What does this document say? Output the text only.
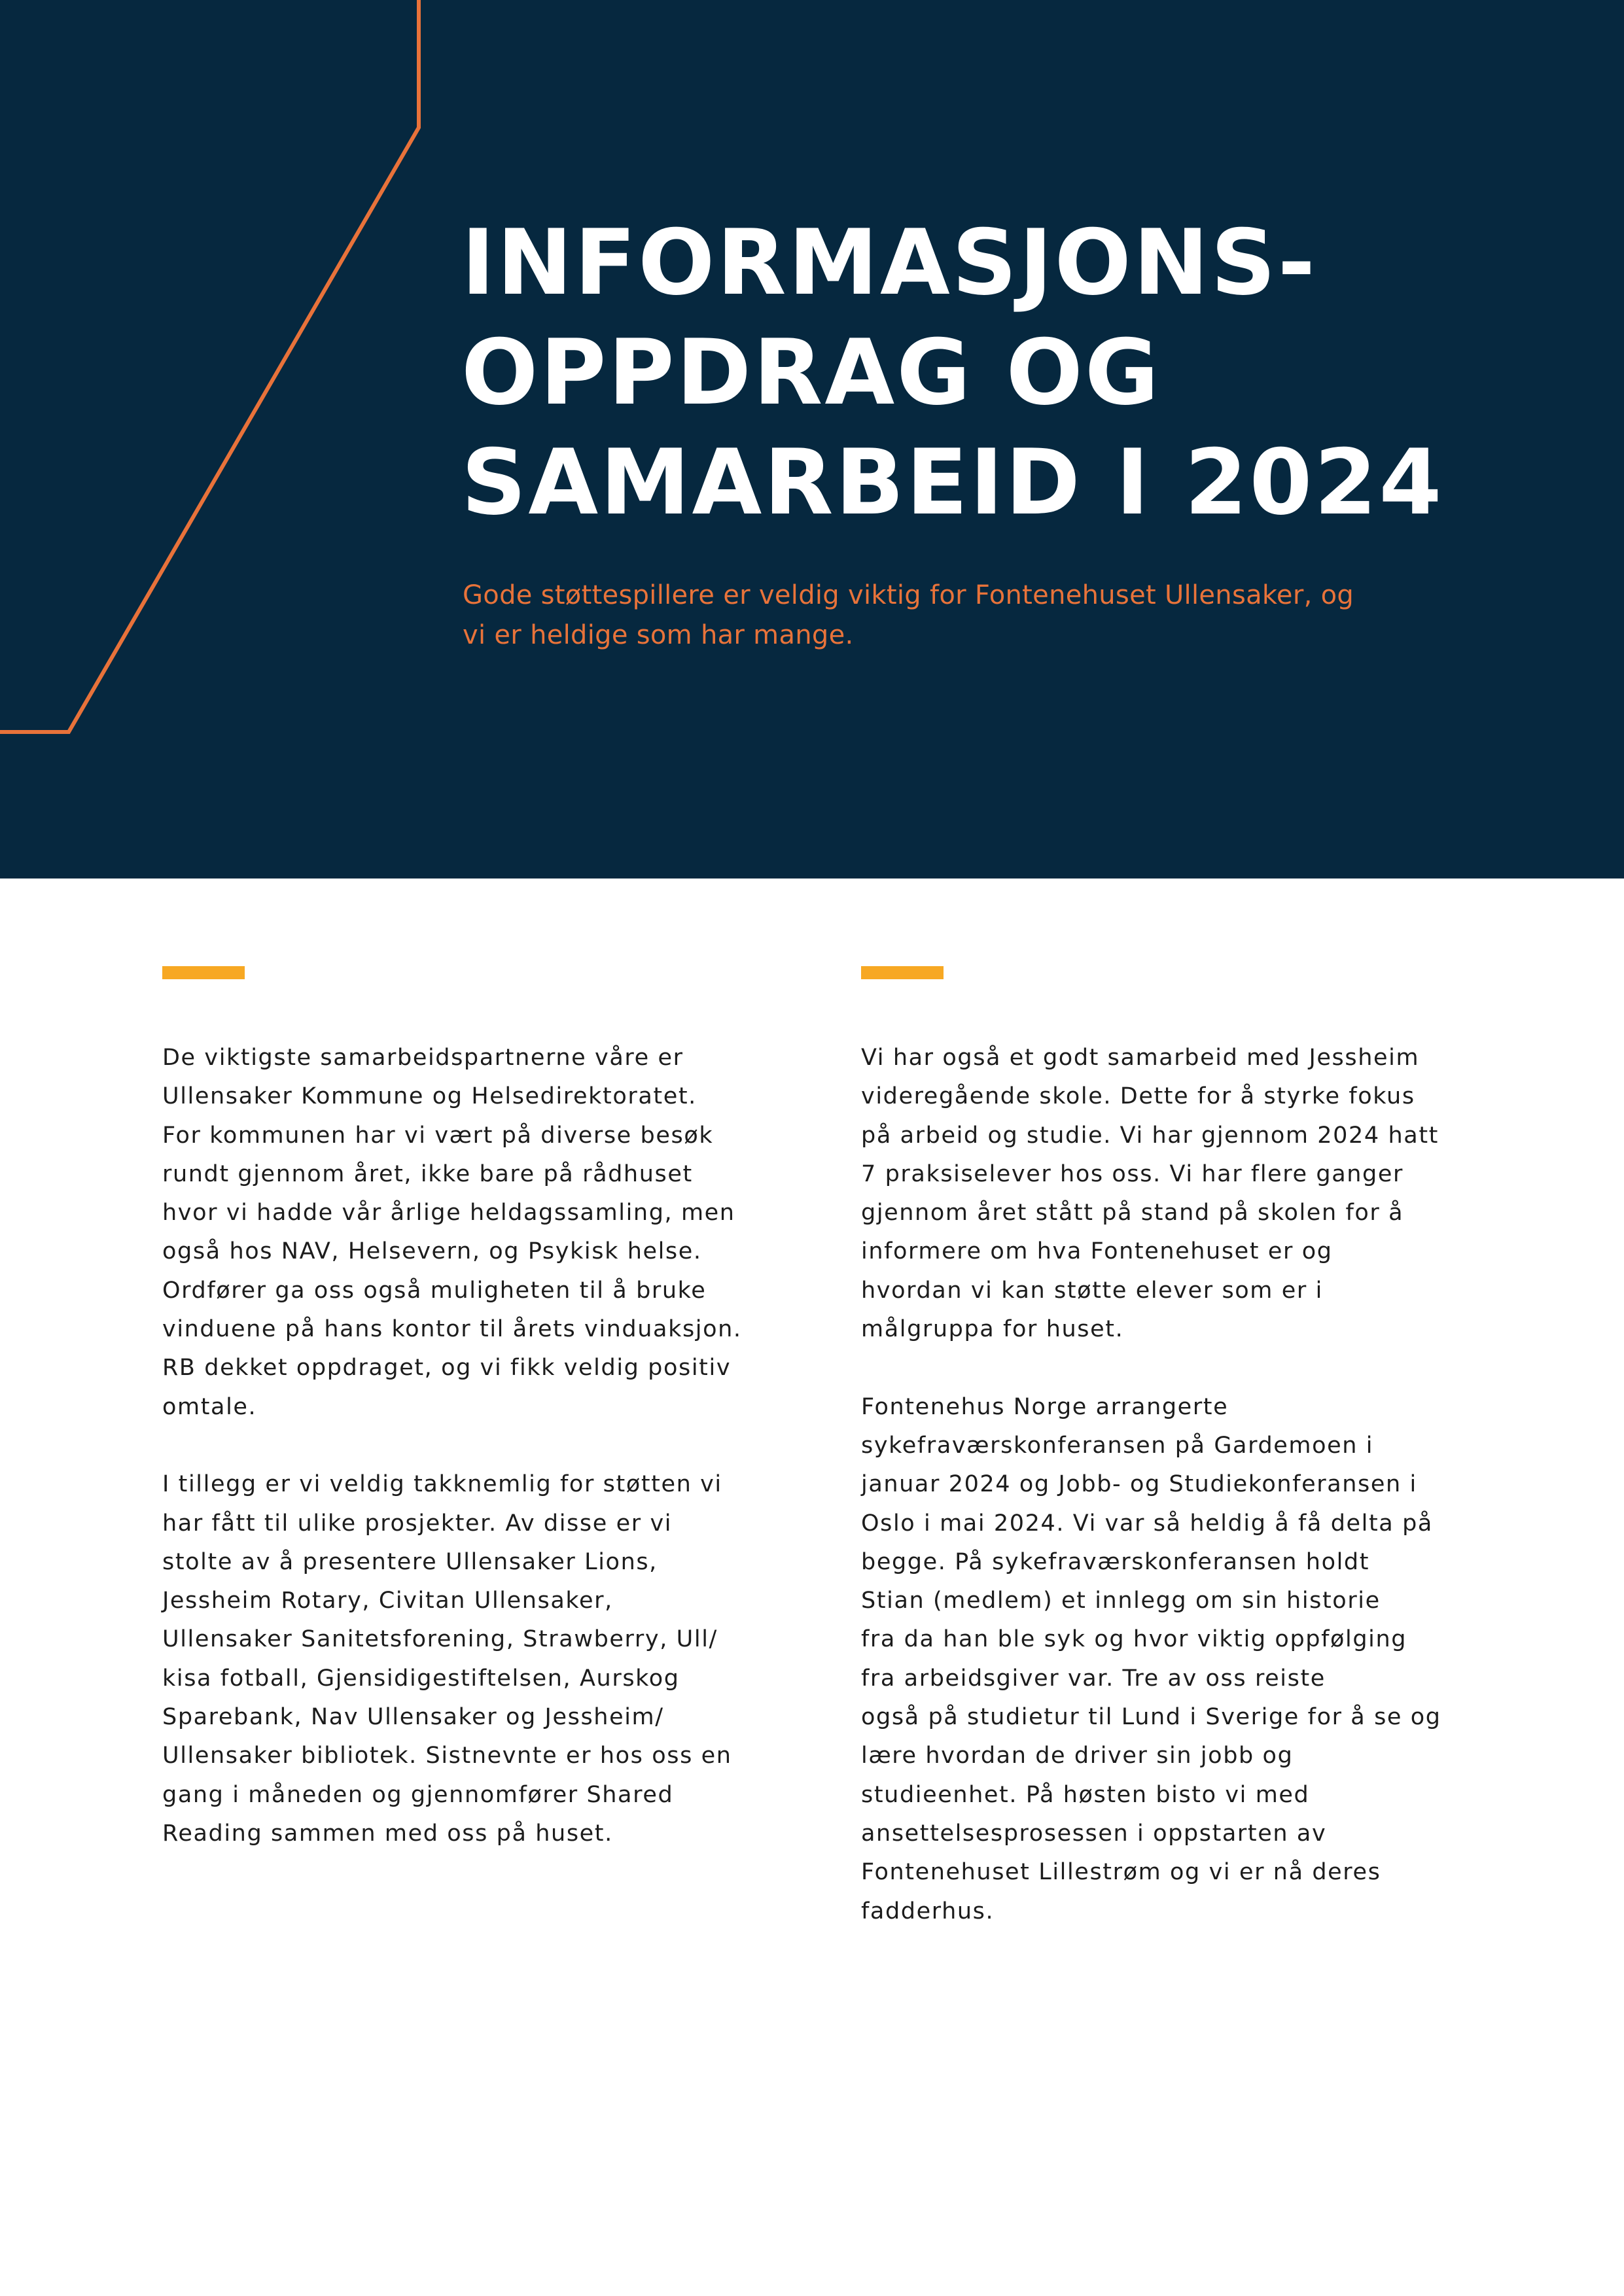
INFORMASJONS-
OPPDRAG OG
SAMARBEID I 2024
Gode støttespillere er veldig viktig for Fontenehuset Ullensaker, og
vi er heldige som har mange.
De viktigste samarbeidspartnerne våre er
Ullensaker Kommune og Helsedirektoratet.
For kommunen har vi vært på diverse besøk
rundt gjennom året, ikke bare på rådhuset
hvor vi hadde vår årlige heldagssamling, men
også hos NAV, Helsevern, og Psykisk helse.
Ordfører ga oss også muligheten til å bruke
vinduene på hans kontor til årets vinduaksjon.
RB dekket oppdraget, og vi fikk veldig positiv
omtale.
I tillegg er vi veldig takknemlig for støtten vi
har fått til ulike prosjekter. Av disse er vi
stolte av å presentere Ullensaker Lions,
Jessheim Rotary, Civitan Ullensaker,
Ullensaker Sanitetsforening, Strawberry, Ull/
kisa fotball, Gjensidigestiftelsen, Aurskog
Sparebank, Nav Ullensaker og Jessheim/
Ullensaker bibliotek. Sistnevnte er hos oss en
gang i måneden og gjennomfører Shared
Reading sammen med oss på huset.
Vi har også et godt samarbeid med Jessheim
videregående skole. Dette for å styrke fokus
på arbeid og studie. Vi har gjennom 2024 hatt
7 praksiselever hos oss. Vi har flere ganger
gjennom året stått på stand på skolen for å
informere om hva Fontenehuset er og
hvordan vi kan støtte elever som er i
målgruppa for huset.
Fontenehus Norge arrangerte
sykefraværskonferansen på Gardemoen i
januar 2024 og Jobb- og Studiekonferansen i
Oslo i mai 2024. Vi var så heldig å få delta på
begge. På sykefraværskonferansen holdt
Stian (medlem) et innlegg om sin historie
fra da han ble syk og hvor viktig oppfølging
fra arbeidsgiver var. Tre av oss reiste
også på studietur til Lund i Sverige for å se og
lære hvordan de driver sin jobb og
studieenhet. På høsten bisto vi med
ansettelsesprosessen i oppstarten av
Fontenehuset Lillestrøm og vi er nå deres
fadderhus.
